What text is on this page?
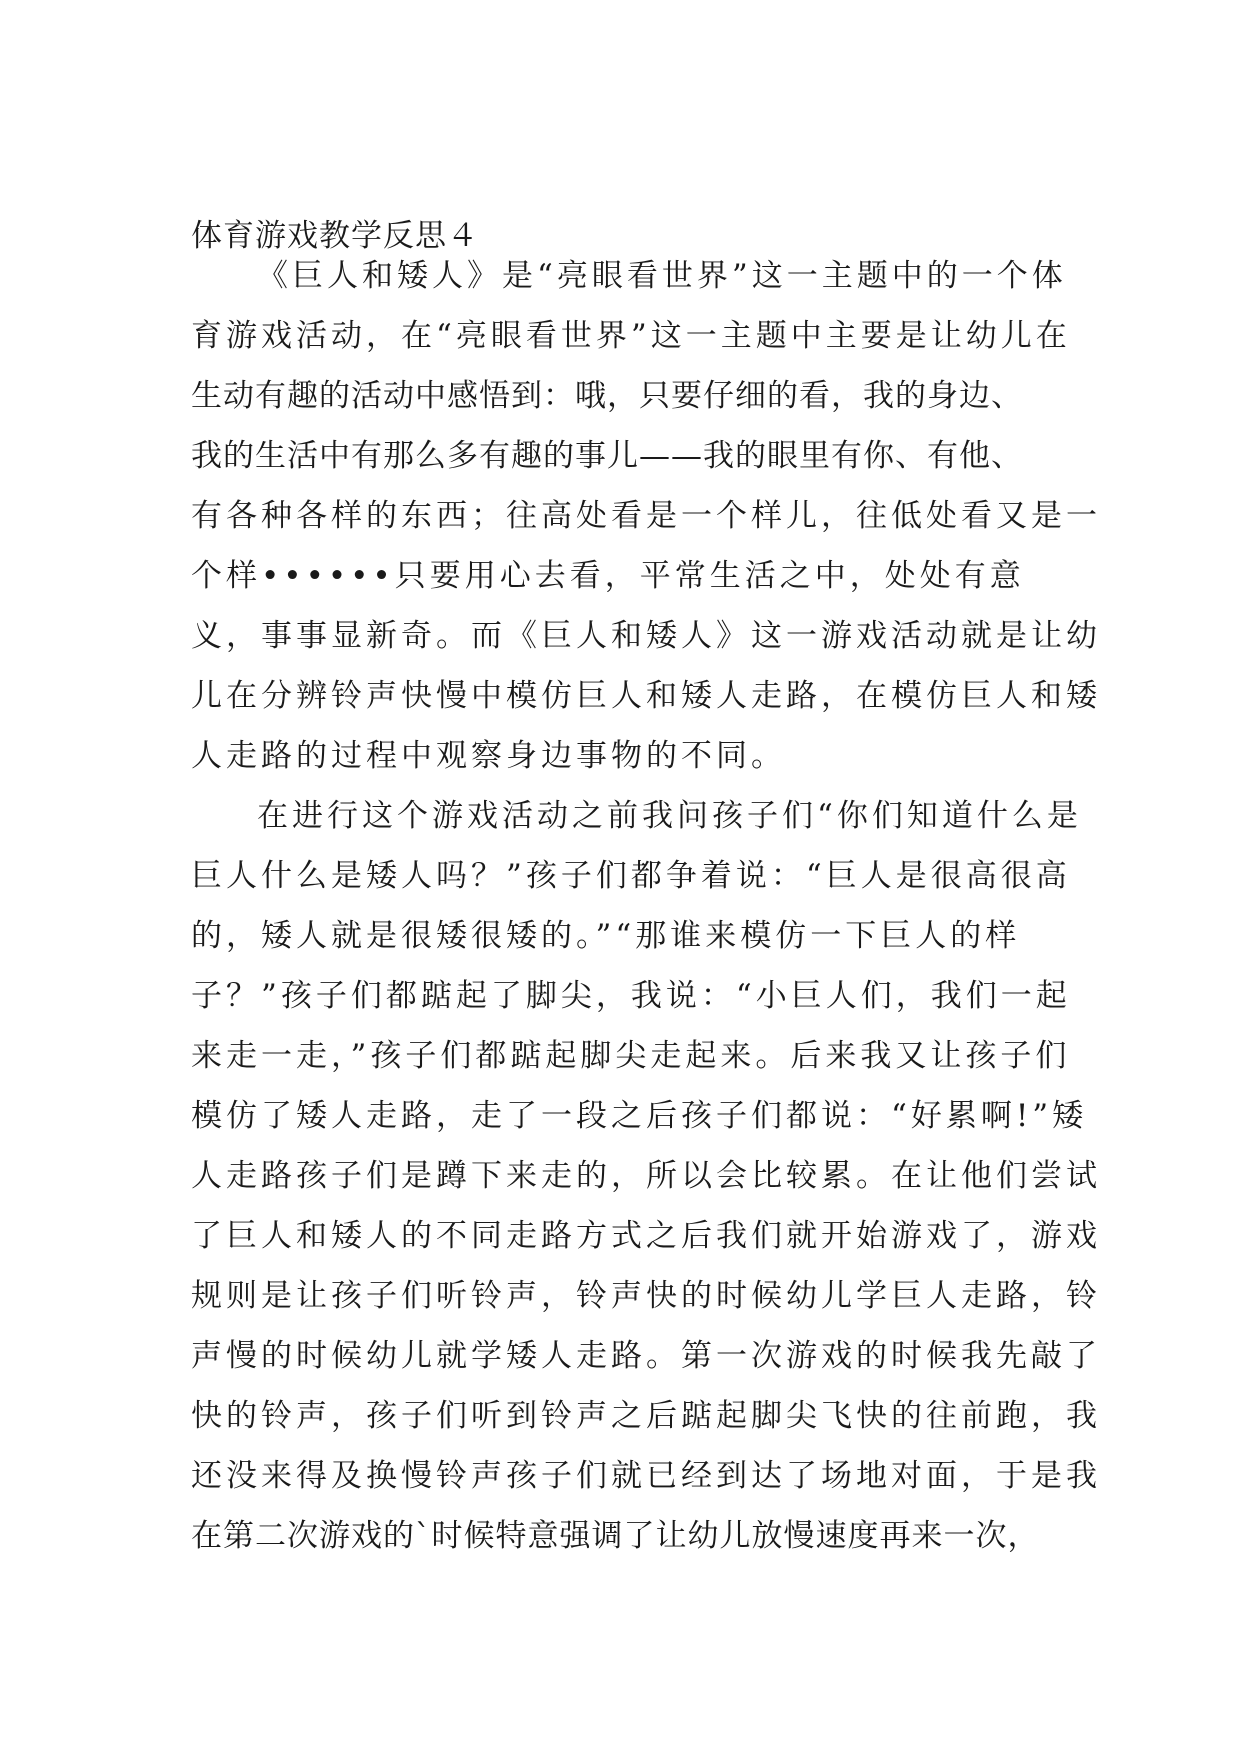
体育游戏教学反思４
《巨人和矮人》是“亮眼看世界”这一主题中的一个体
育游戏活动，在“亮眼看世界”这一主题中主要是让幼儿在
生动有趣的活动中感悟到：哦，只要仔细的看，我的身边、
我的生活中有那么多有趣的事儿——我的眼里有你、有他、
有各种各样的东西；往高处看是一个样儿，往低处看又是一
个样••••••只要用心去看，平常生活之中，处处有意
义，事事显新奇。而《巨人和矮人》这一游戏活动就是让幼
儿在分辨铃声快慢中模仿巨人和矮人走路，在模仿巨人和矮
人走路的过程中观察身边事物的不同。
在进行这个游戏活动之前我问孩子们“你们知道什么是
巨人什么是矮人吗？”孩子们都争着说：“巨人是很高很高
的，矮人就是很矮很矮的。”“那谁来模仿一下巨人的样
子？”孩子们都踮起了脚尖，我说：“小巨人们，我们一起
来走一走，”孩子们都踮起脚尖走起来。后来我又让孩子们
模仿了矮人走路，走了一段之后孩子们都说：“好累啊!”矮
人走路孩子们是蹲下来走的，所以会比较累。在让他们尝试
了巨人和矮人的不同走路方式之后我们就开始游戏了，游戏
规则是让孩子们听铃声，铃声快的时候幼儿学巨人走路，铃
声慢的时候幼儿就学矮人走路。第一次游戏的时候我先敲了
快的铃声，孩子们听到铃声之后踮起脚尖飞快的往前跑，我
还没来得及换慢铃声孩子们就已经到达了场地对面，于是我
在第二次游戏的`时候特意强调了让幼儿放慢速度再来一次，
